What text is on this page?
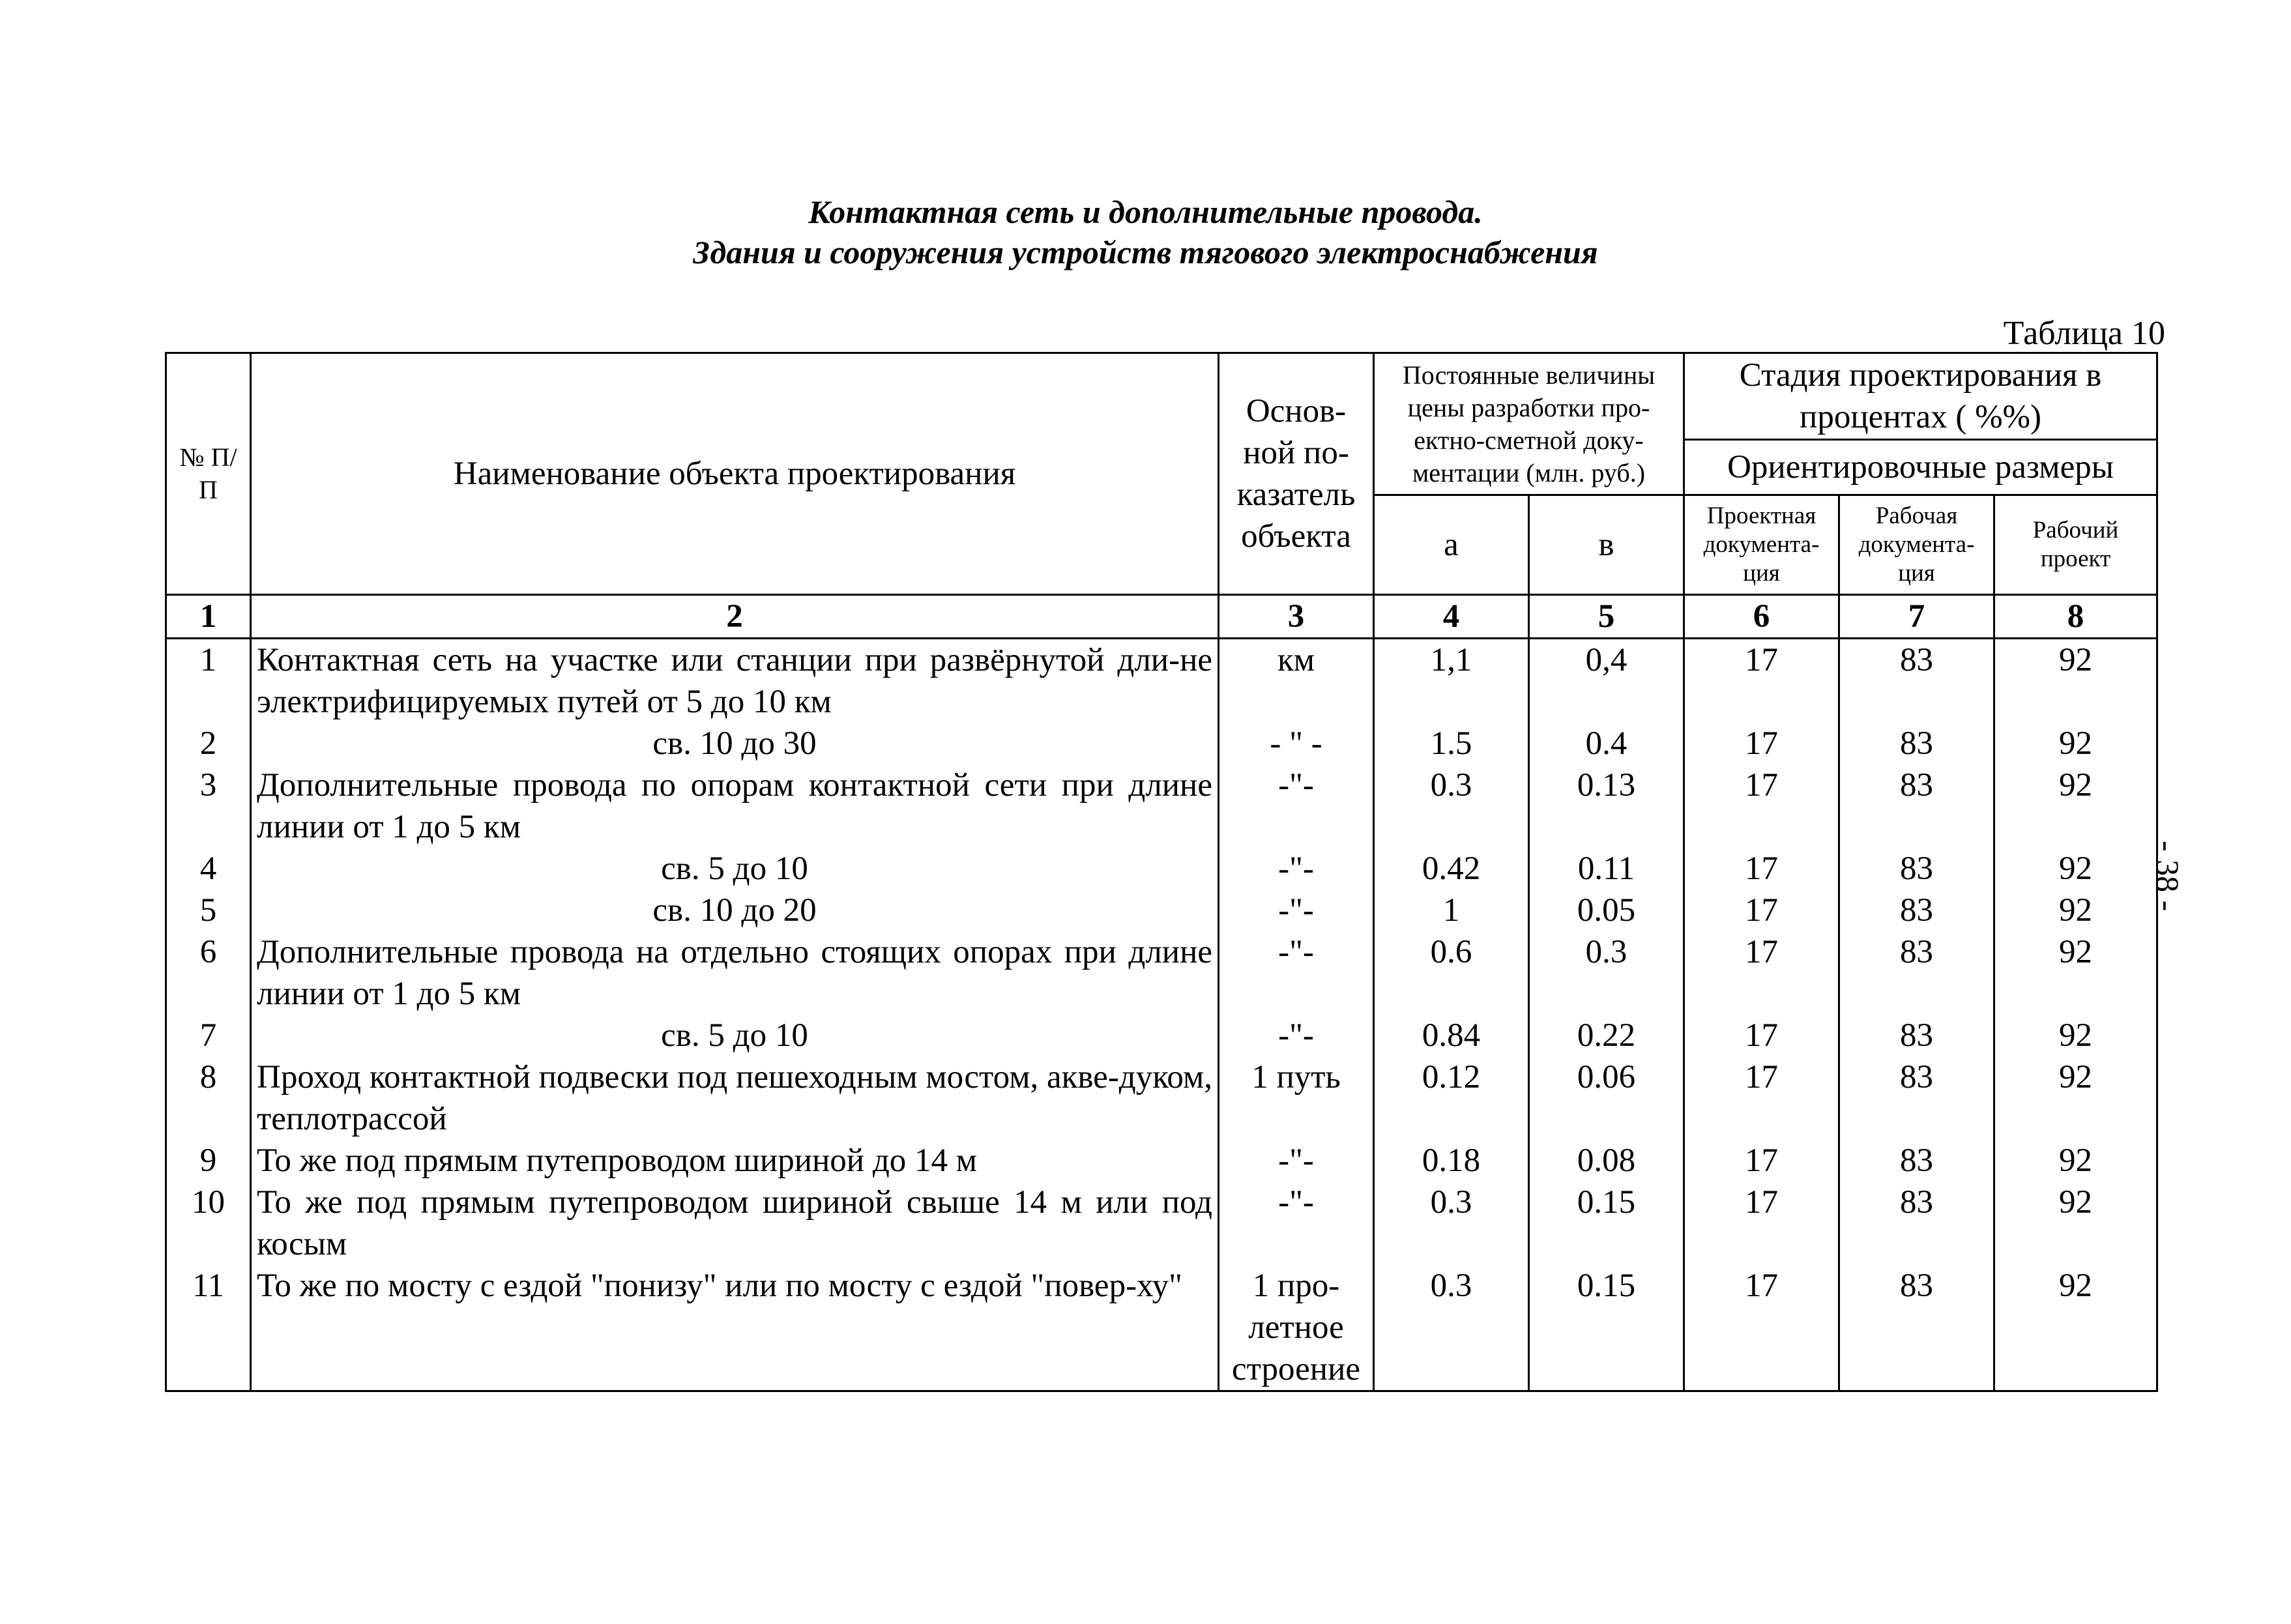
Контактная сеть и дополнительные провода.
Здания и сооружения устройств тягового электроснабжения
Таблица 10
- 38 -
№ П/П	Наименование объекта проектирования	Основ-ной по-казатель объекта	Постоянные величины цены разработки про-ектно-сметной доку-ментации (млн. руб.)		Стадия проектирования в процентах ( %%)		
					Ориентировочные размеры		
			а	в	Проектная документа-ция	Рабочая документа-ция	Рабочий проект
1	2	3	4	5	6	7	8
1	Контактная сеть на участке или станции при развёрнутой дли-не электрифицируемых путей от 5 до 10 км	км	1,1	0,4	17	83	92
2	св. 10 до 30	- " -	1.5	0.4	17	83	92
3	Дополнительные провода по опорам контактной сети при длине линии от 1 до 5 км	-"-	0.3	0.13	17	83	92
4	св. 5 до 10	-"-	0.42	0.11	17	83	92
5	св. 10 до 20	-"-	1	0.05	17	83	92
6	Дополнительные провода на отдельно стоящих опорах при длине линии от 1 до 5 км	-"-	0.6	0.3	17	83	92
7	св. 5 до 10	-"-	0.84	0.22	17	83	92
8	Проход контактной подвески под пешеходным мостом, акве-дуком, теплотрассой	1 путь	0.12	0.06	17	83	92
9	То же под прямым путепроводом шириной до 14 м	-"-	0.18	0.08	17	83	92
10	То же под прямым путепроводом шириной свыше 14 м или под косым	-"-	0.3	0.15	17	83	92
11	То же по мосту с ездой "понизу" или по мосту с ездой "повер-ху"	1 про-летное строение	0.3	0.15	17	83	92
